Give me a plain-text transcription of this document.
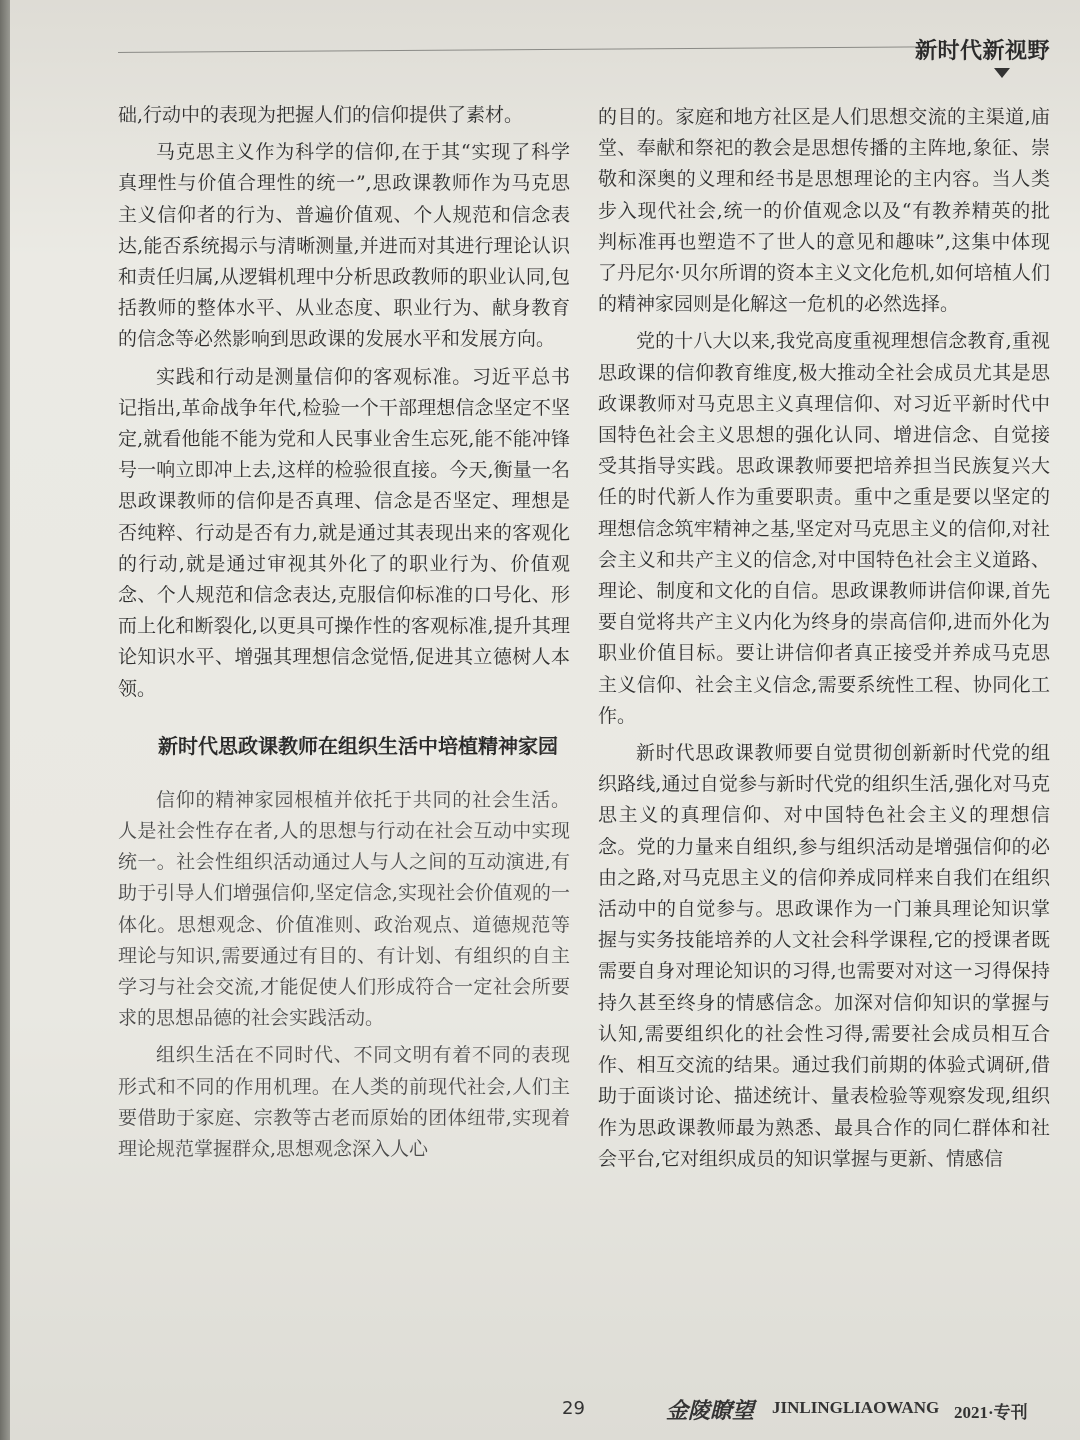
新时代新视野

础,行动中的表现为把握人们的信仰提供了素材。

马克思主义作为科学的信仰,在于其“实现了科学真理性与价值合理性的统一”,思政课教师作为马克思主义信仰者的行为、普遍价值观、个人规范和信念表达,能否系统揭示与清晰测量,并进而对其进行理论认识和责任归属,从逻辑机理中分析思政教师的职业认同,包括教师的整体水平、从业态度、职业行为、献身教育的信念等必然影响到思政课的发展水平和发展方向。

实践和行动是测量信仰的客观标准。习近平总书记指出,革命战争年代,检验一个干部理想信念坚定不坚定,就看他能不能为党和人民事业舍生忘死,能不能冲锋号一响立即冲上去,这样的检验很直接。今天,衡量一名思政课教师的信仰是否真理、信念是否坚定、理想是否纯粹、行动是否有力,就是通过其表现出来的客观化的行动,就是通过审视其外化了的职业行为、价值观念、个人规范和信念表达,克服信仰标准的口号化、形而上化和断裂化,以更具可操作性的客观标准,提升其理论知识水平、增强其理想信念觉悟,促进其立德树人本领。

新时代思政课教师在组织生活中培植精神家园

信仰的精神家园根植并依托于共同的社会生活。人是社会性存在者,人的思想与行动在社会互动中实现统一。社会性组织活动通过人与人之间的互动演进,有助于引导人们增强信仰,坚定信念,实现社会价值观的一体化。思想观念、价值准则、政治观点、道德规范等理论与知识,需要通过有目的、有计划、有组织的自主学习与社会交流,才能促使人们形成符合一定社会所要求的思想品德的社会实践活动。

组织生活在不同时代、不同文明有着不同的表现形式和不同的作用机理。在人类的前现代社会,人们主要借助于家庭、宗教等古老而原始的团体纽带,实现着理论规范掌握群众,思想观念深入人心

的目的。家庭和地方社区是人们思想交流的主渠道,庙堂、奉献和祭祀的教会是思想传播的主阵地,象征、崇敬和深奥的义理和经书是思想理论的主内容。当人类步入现代社会,统一的价值观念以及“有教养精英的批判标准再也塑造不了世人的意见和趣味”,这集中体现了丹尼尔·贝尔所谓的资本主义文化危机,如何培植人们的精神家园则是化解这一危机的必然选择。

党的十八大以来,我党高度重视理想信念教育,重视思政课的信仰教育维度,极大推动全社会成员尤其是思政课教师对马克思主义真理信仰、对习近平新时代中国特色社会主义思想的强化认同、增进信念、自觉接受其指导实践。思政课教师要把培养担当民族复兴大任的时代新人作为重要职责。重中之重是要以坚定的理想信念筑牢精神之基,坚定对马克思主义的信仰,对社会主义和共产主义的信念,对中国特色社会主义道路、理论、制度和文化的自信。思政课教师讲信仰课,首先要自觉将共产主义内化为终身的崇高信仰,进而外化为职业价值目标。要让讲信仰者真正接受并养成马克思主义信仰、社会主义信念,需要系统性工程、协同化工作。

新时代思政课教师要自觉贯彻创新新时代党的组织路线,通过自觉参与新时代党的组织生活,强化对马克思主义的真理信仰、对中国特色社会主义的理想信念。党的力量来自组织,参与组织活动是增强信仰的必由之路,对马克思主义的信仰养成同样来自我们在组织活动中的自觉参与。思政课作为一门兼具理论知识掌握与实务技能培养的人文社会科学课程,它的授课者既需要自身对理论知识的习得,也需要对对这一习得保持持久甚至终身的情感信念。加深对信仰知识的掌握与认知,需要组织化的社会性习得,需要社会成员相互合作、相互交流的结果。通过我们前期的体验式调研,借助于面谈讨论、描述统计、量表检验等观察发现,组织作为思政课教师最为熟悉、最具合作的同仁群体和社会平台,它对组织成员的知识掌握与更新、情感信

29	金陵瞭望 JINLINGLIAOWANG 2021·专刊
